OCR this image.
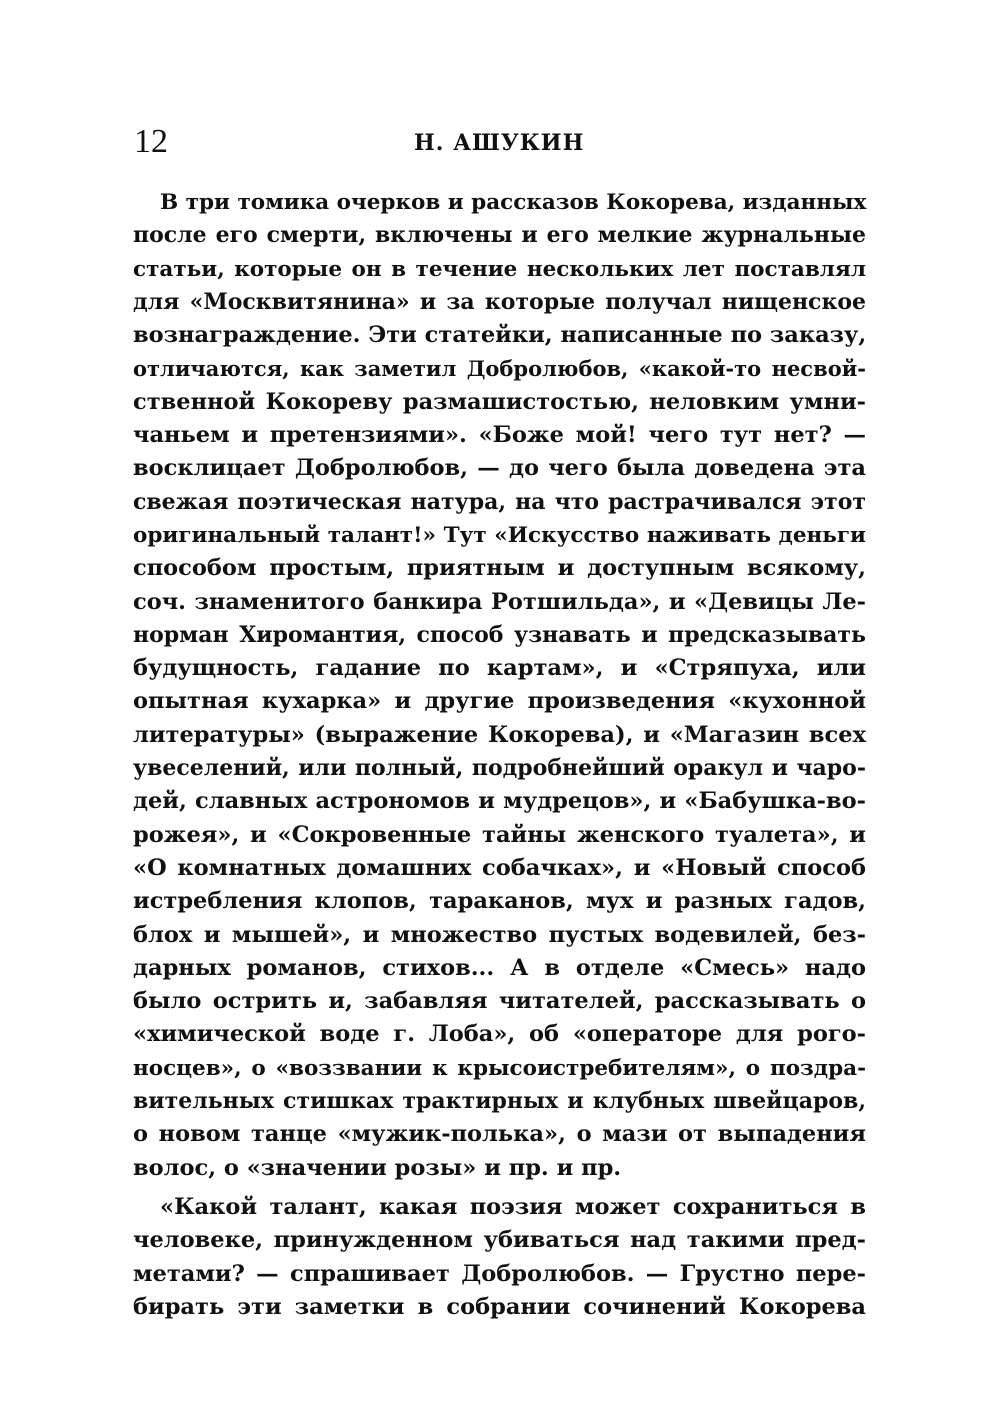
12	Н. АШУКИН
В три томика очерков и рассказов Кокорева, изданных
после его смерти, включены и его мелкие журнальные
статьи, которые он в течение нескольких лет поставлял
для «Москвитянина» и за которые получал нищенское
вознаграждение. Эти статейки, написанные по заказу,
отличаются, как заметил Добролюбов, «какой-то несвой-
ственной Кокореву размашистостью, неловким умни-
чаньем и претензиями». «Боже мой! чего тут нет? —
восклицает Добролюбов, — до чего была доведена эта
свежая поэтическая натура, на что растрачивался этот
оригинальный талант!» Тут «Искусство наживать деньги
способом простым, приятным и доступным всякому,
соч. знаменитого банкира Ротшильда», и «Девицы Ле-
норман Хиромантия, способ узнавать и предсказывать
будущность, гадание по картам», и «Стряпуха, или
опытная кухарка» и другие произведения «кухонной
литературы» (выражение Кокорева), и «Магазин всех
увеселений, или полный, подробнейший оракул и чаро-
дей, славных астрономов и мудрецов», и «Бабушка-во-
рожея», и «Сокровенные тайны женского туалета», и
«О комнатных домашних собачках», и «Новый способ
истребления клопов, тараканов, мух и разных гадов,
блох и мышей», и множество пустых водевилей, без-
дарных романов, стихов... А в отделе «Смесь» надо
было острить и, забавляя читателей, рассказывать о
«химической воде г. Лоба», об «операторе для рого-
носцев», о «воззвании к крысоистребителям», о поздра-
вительных стишках трактирных и клубных швейцаров,
о новом танце «мужик-полька», о мази от выпадения
волос, о «значении розы» и пр. и пр.
«Какой талант, какая поэзия может сохраниться в
человеке, принужденном убиваться над такими пред-
метами? — спрашивает Добролюбов. — Грустно пере-
бирать эти заметки в собрании сочинений Кокорева
